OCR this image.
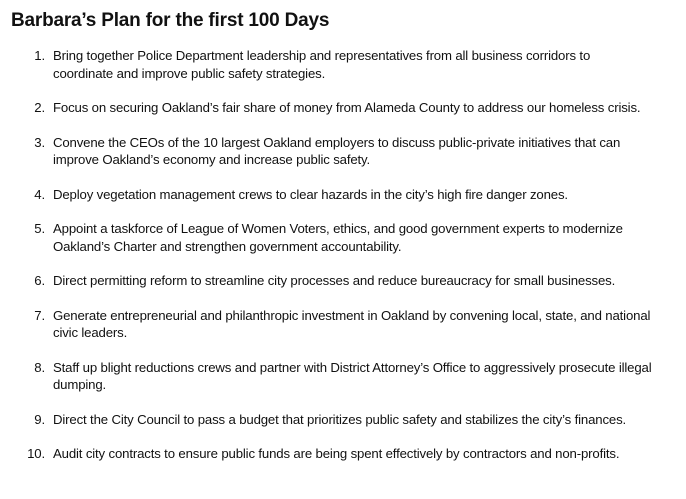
Barbara’s Plan for the first 100 Days
1. Bring together Police Department leadership and representatives from all business corridors to coordinate and improve public safety strategies.
2. Focus on securing Oakland’s fair share of money from Alameda County to address our homeless crisis.
3. Convene the CEOs of the 10 largest Oakland employers to discuss public-private initiatives that can improve Oakland’s economy and increase public safety.
4. Deploy vegetation management crews to clear hazards in the city’s high fire danger zones.
5. Appoint a taskforce of League of Women Voters, ethics, and good government experts to modernize Oakland’s Charter and strengthen government accountability.
6. Direct permitting reform to streamline city processes and reduce bureaucracy for small businesses.
7. Generate entrepreneurial and philanthropic investment in Oakland by convening local, state, and national civic leaders.
8. Staff up blight reductions crews and partner with District Attorney’s Office to aggressively prosecute illegal dumping.
9. Direct the City Council to pass a budget that prioritizes public safety and stabilizes the city’s finances.
10. Audit city contracts to ensure public funds are being spent effectively by contractors and non-profits.
